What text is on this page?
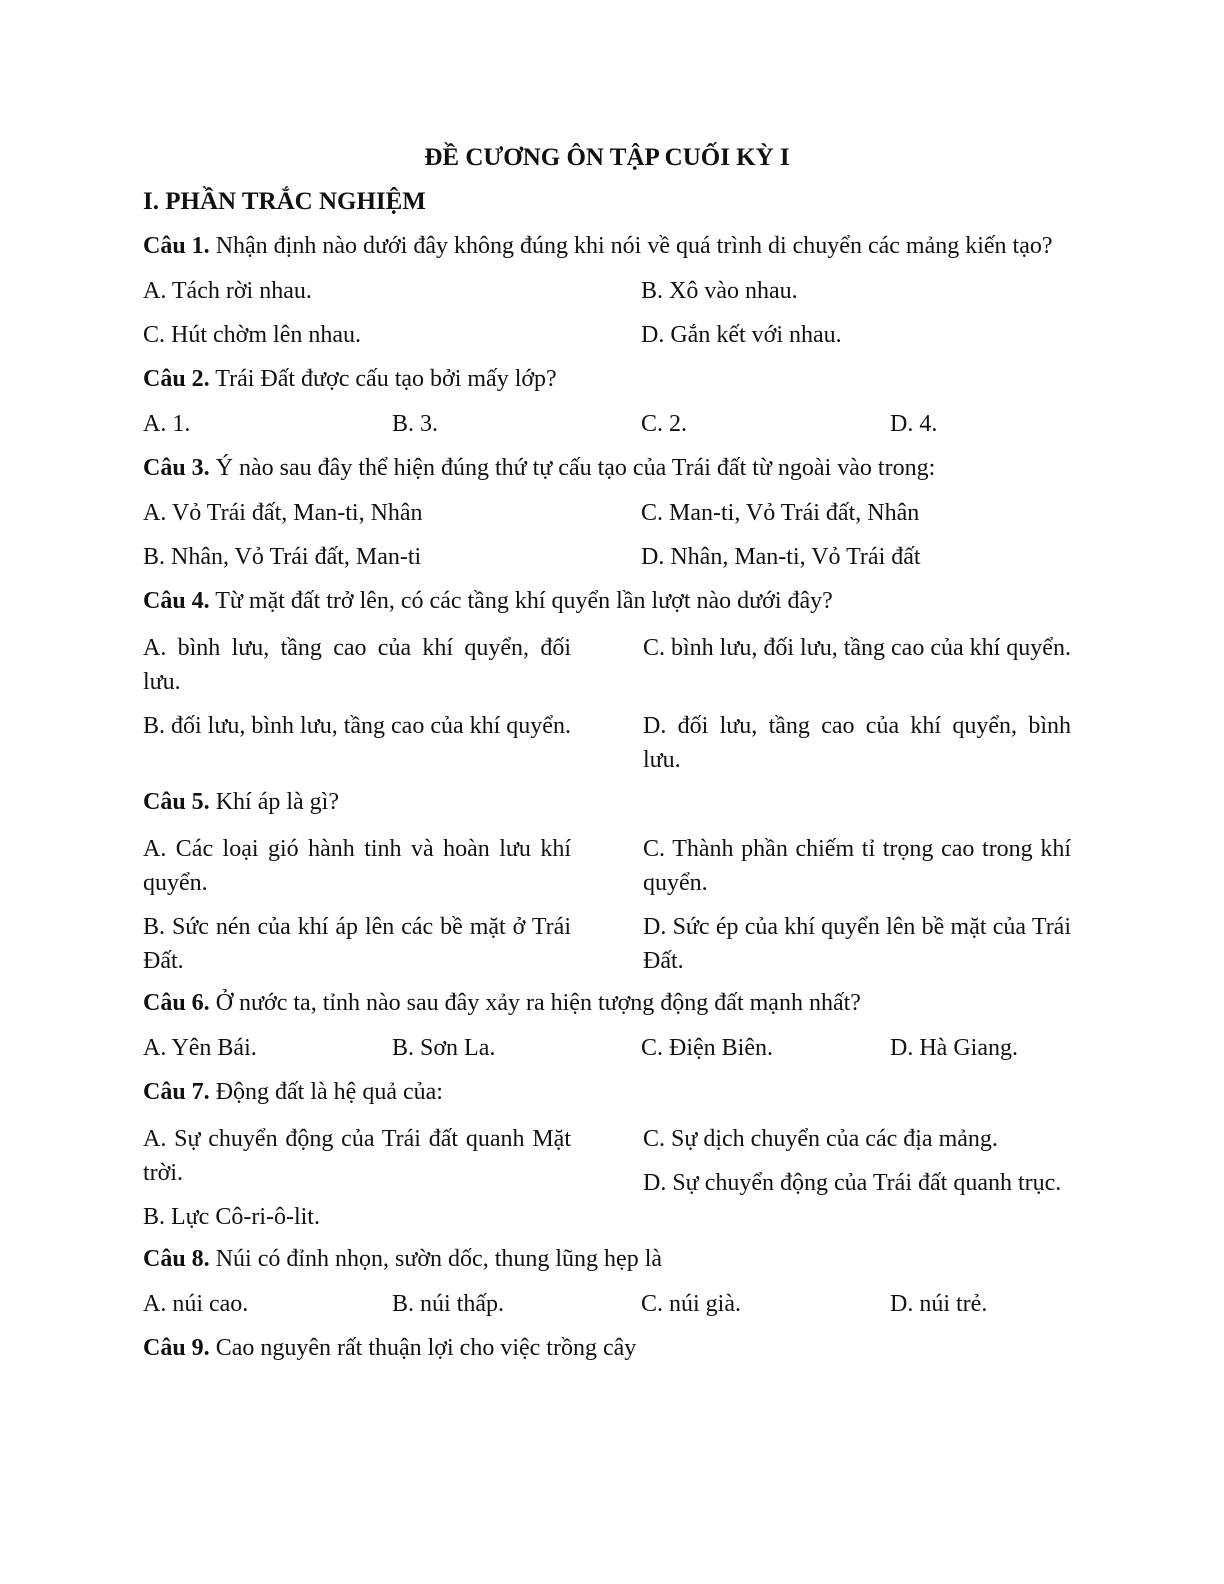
ĐỀ CƯƠNG ÔN TẬP CUỐI KỲ I
I. PHẦN TRẮC NGHIỆM

Câu 1. Nhận định nào dưới đây không đúng khi nói về quá trình di chuyển các mảng kiến tạo?

A. Tách rời nhau.	B. Xô vào nhau.
C. Hút chờm lên nhau.	D. Gắn kết với nhau.

Câu 2. Trái Đất được cấu tạo bởi mấy lớp?

A. 1.	B. 3.	C. 2.	D. 4.

Câu 3. Ý nào sau đây thể hiện đúng thứ tự cấu tạo của Trái đất từ ngoài vào trong:

A. Vỏ Trái đất, Man-ti, Nhân	C. Man-ti, Vỏ Trái đất, Nhân
B. Nhân, Vỏ Trái đất, Man-ti	D. Nhân, Man-ti, Vỏ Trái đất

Câu 4. Từ mặt đất trở lên, có các tầng khí quyển lần lượt nào dưới đây?

A. bình lưu, tầng cao của khí quyển, đối lưu.
C. bình lưu, đối lưu, tầng cao của khí quyển.
B. đối lưu, bình lưu, tầng cao của khí quyển.	D. đối lưu, tầng cao của khí quyển, bình lưu.

Câu 5. Khí áp là gì?

A. Các loại gió hành tinh và hoàn lưu khí quyển.
C. Thành phần chiếm tỉ trọng cao trong khí quyển.
B. Sức nén của khí áp lên các bề mặt ở Trái Đất.
D. Sức ép của khí quyển lên bề mặt của Trái Đất.

Câu 6. Ở nước ta, tỉnh nào sau đây xảy ra hiện tượng động đất mạnh nhất?

A. Yên Bái.	B. Sơn La.	C. Điện Biên.	D. Hà Giang.

Câu 7. Động đất là hệ quả của:

A. Sự chuyển động của Trái đất quanh Mặt trời.
B. Lực Cô-ri-ô-lit.
C. Sự dịch chuyển của các địa mảng.
D. Sự chuyển động của Trái đất quanh trục.

Câu 8. Núi có đỉnh nhọn, sườn dốc, thung lũng hẹp là

A. núi cao.	B. núi thấp.	C. núi già.	D. núi trẻ.

Câu 9. Cao nguyên rất thuận lợi cho việc trồng cây
